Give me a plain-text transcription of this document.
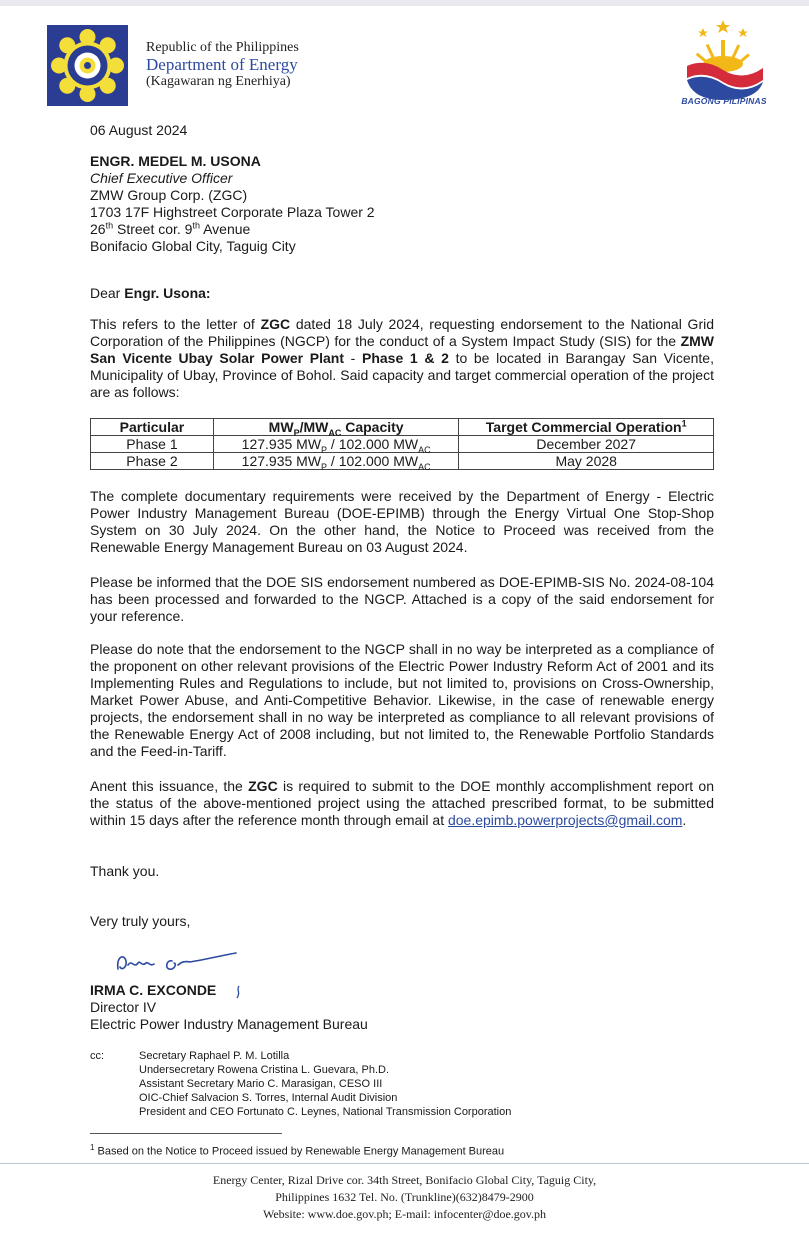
Republic of the Philippines
Department of Energy
(Kagawaran ng Enerhiya)
BAGONG PILIPINAS
06 August 2024
ENGR. MEDEL M. USONA
Chief Executive Officer
ZMW Group Corp. (ZGC)
1703 17F Highstreet Corporate Plaza Tower 2
26th Street cor. 9th Avenue
Bonifacio Global City, Taguig City
Dear Engr. Usona:
This refers to the letter of ZGC dated 18 July 2024, requesting endorsement to the National Grid Corporation of the Philippines (NGCP) for the conduct of a System Impact Study (SIS) for the ZMW San Vicente Ubay Solar Power Plant - Phase 1 & 2 to be located in Barangay San Vicente, Municipality of Ubay, Province of Bohol. Said capacity and target commercial operation of the project are as follows:
Particular	$MW_P/MW_{AC}$ Capacity	Target Commercial Operation$^1$
Phase 1	127.935 $MW_P / 102.000$ $MW_{AC}$	December 2027
Phase 2	127.935 $MW_P / 102.000$ $MW_{AC}$	May 2028
The complete documentary requirements were received by the Department of Energy - Electric Power Industry Management Bureau (DOE-EPIMB) through the Energy Virtual One Stop-Shop System on 30 July 2024. On the other hand, the Notice to Proceed was received from the Renewable Energy Management Bureau on 03 August 2024.
Please be informed that the DOE SIS endorsement numbered as DOE-EPIMB-SIS No. 2024-08-104 has been processed and forwarded to the NGCP. Attached is a copy of the said endorsement for your reference.
Please do note that the endorsement to the NGCP shall in no way be interpreted as a compliance of the proponent on other relevant provisions of the Electric Power Industry Reform Act of 2001 and its Implementing Rules and Regulations to include, but not limited to, provisions on Cross-Ownership, Market Power Abuse, and Anti-Competitive Behavior. Likewise, in the case of renewable energy projects, the endorsement shall in no way be interpreted as compliance to all relevant provisions of the Renewable Energy Act of 2008 including, but not limited to, the Renewable Portfolio Standards and the Feed-in-Tariff.
Anent this issuance, the ZGC is required to submit to the DOE monthly accomplishment report on the status of the above-mentioned project using the attached prescribed format, to be submitted within 15 days after the reference month through email at doe.epimb.powerprojects@gmail.com.
Thank you.
Very truly yours,
IRMA C. EXCONDE
Director IV
Electric Power Industry Management Bureau
cc:	Secretary Raphael P. M. Lotilla
Undersecretary Rowena Cristina L. Guevara, Ph.D.
Assistant Secretary Mario C. Marasigan, CESO III
OIC-Chief Salvacion S. Torres, Internal Audit Division
President and CEO Fortunato C. Leynes, National Transmission Corporation
$^1$ Based on the Notice to Proceed issued by Renewable Energy Management Bureau
Energy Center, Rizal Drive cor. 34th Street, Bonifacio Global City, Taguig City,
Philippines 1632 Tel. No. (Trunkline)(632)8479-2900
Website: www.doe.gov.ph; E-mail: infocenter@doe.gov.ph
